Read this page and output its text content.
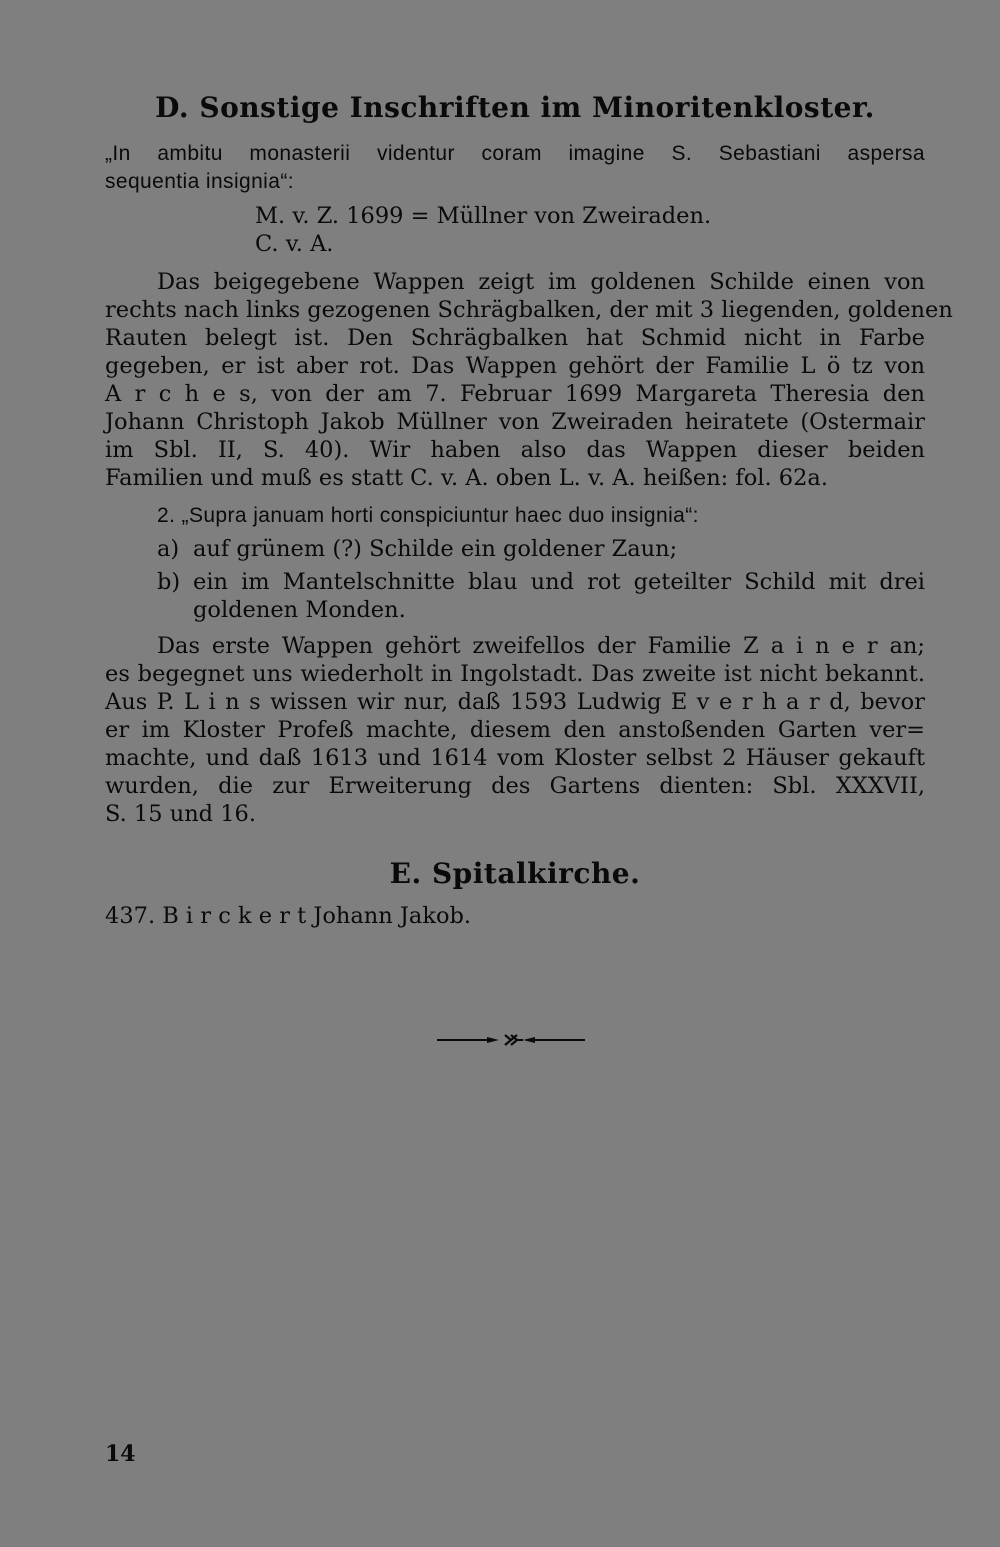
D. Sonstige Inschriften im Minoritenkloster.
„In ambitu monasterii videntur coram imagine S. Sebastiani aspersa
sequentia insignia“:
M. v. Z. 1699 = Müllner von Zweiraden.
C. v. A.
Das beigegebene Wappen zeigt im goldenen Schilde einen von
rechts nach links gezogenen Schrägbalken, der mit 3 liegenden, goldenen
Rauten belegt ist. Den Schrägbalken hat Schmid nicht in Farbe
gegeben, er ist aber rot. Das Wappen gehört der Familie L ö tz von
A r c h e s, von der am 7. Februar 1699 Margareta Theresia den
Johann Christoph Jakob Müllner von Zweiraden heiratete (Ostermair
im Sbl. II, S. 40). Wir haben also das Wappen dieser beiden
Familien und muß es statt C. v. A. oben L. v. A. heißen: fol. 62a.
2. „Supra januam horti conspiciuntur haec duo insignia“:
a) auf grünem (?) Schilde ein goldener Zaun;
b) ein im Mantelschnitte blau und rot geteilter Schild mit drei
goldenen Monden.
Das erste Wappen gehört zweifellos der Familie Z a i n e r an;
es begegnet uns wiederholt in Ingolstadt. Das zweite ist nicht bekannt.
Aus P. L i n s wissen wir nur, daß 1593 Ludwig E v e r h a r d, bevor
er im Kloster Profeß machte, diesem den anstoßenden Garten ver=
machte, und daß 1613 und 1614 vom Kloster selbst 2 Häuser gekauft
wurden, die zur Erweiterung des Gartens dienten: Sbl. XXXVII,
S. 15 und 16.
E. Spitalkirche.
437. B i r c k e r t Johann Jakob.
14
